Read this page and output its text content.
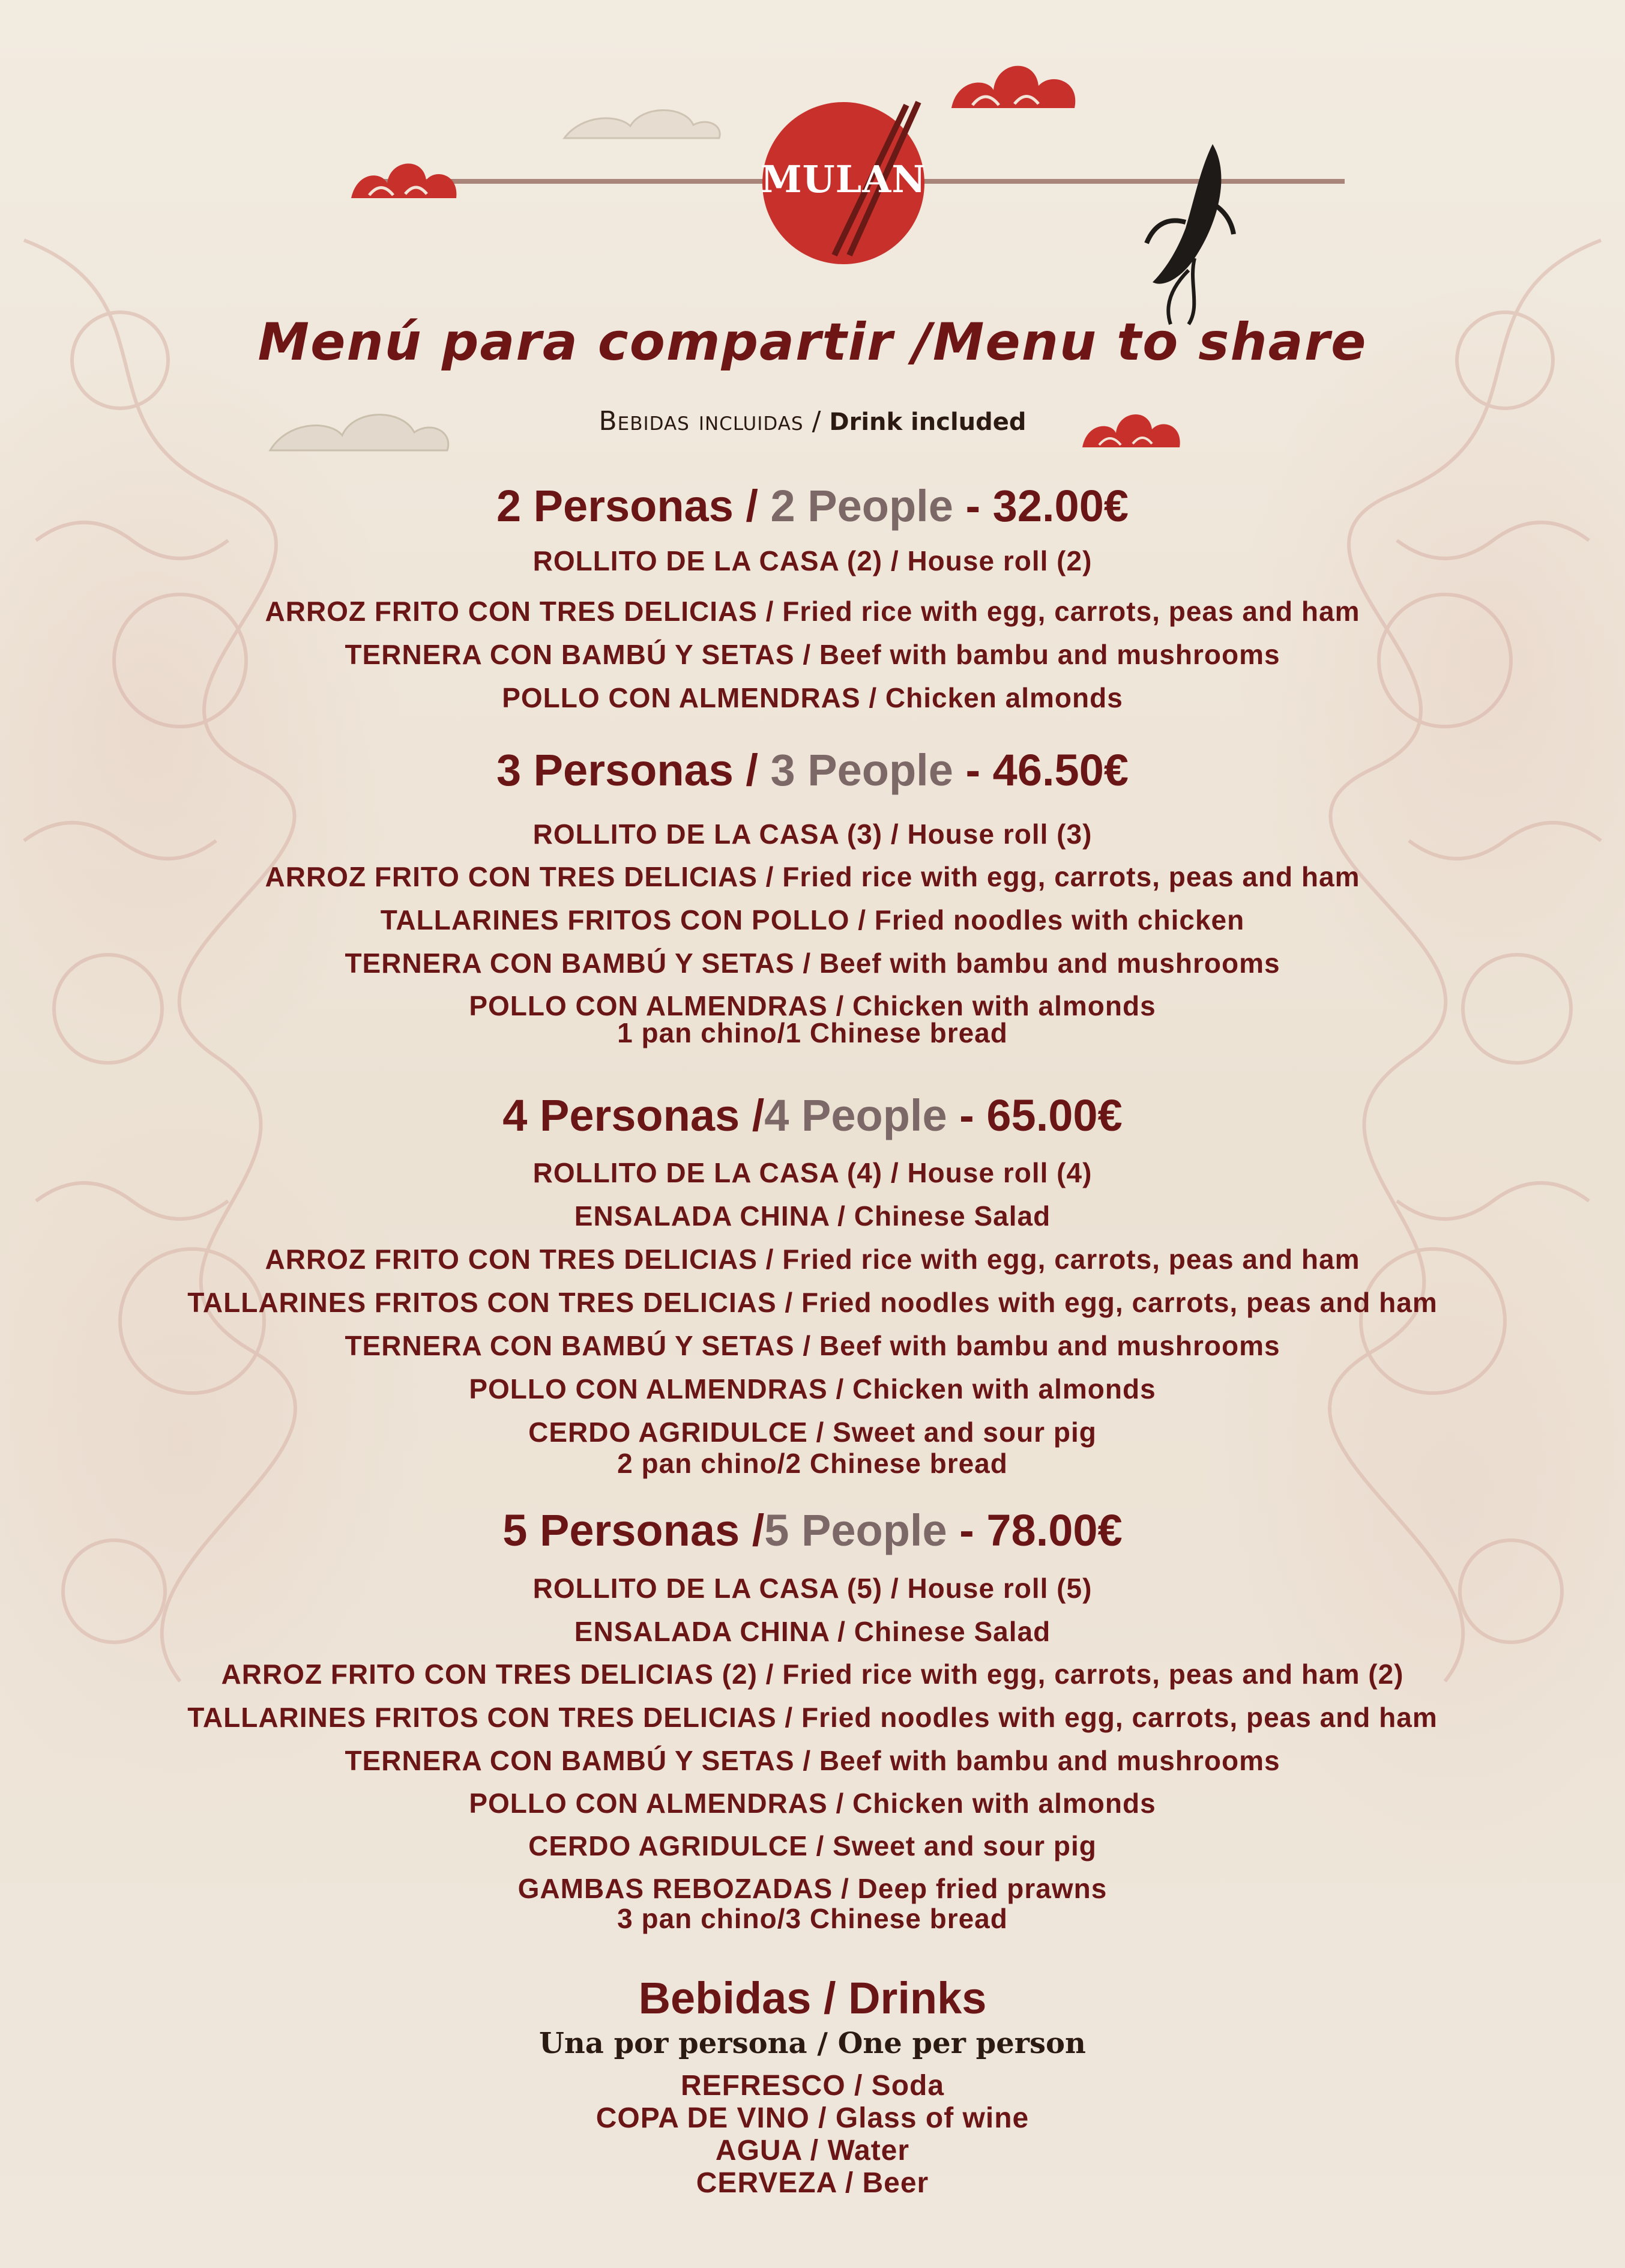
MULAN
Menú para compartir /Menu to share
Bebidas incluidas / Drink included
2 Personas / 2 People - 32.00€
ROLLITO DE LA CASA (2) / House roll (2)
ARROZ FRITO CON TRES DELICIAS / Fried rice with egg, carrots, peas and ham
TERNERA CON BAMBÚ Y SETAS / Beef with bambu and mushrooms
POLLO CON ALMENDRAS / Chicken almonds
3 Personas / 3 People - 46.50€
ROLLITO DE LA CASA (3) / House roll (3)
ARROZ FRITO CON TRES DELICIAS / Fried rice with egg, carrots, peas and ham
TALLARINES FRITOS CON POLLO / Fried noodles with chicken
TERNERA CON BAMBÚ Y SETAS / Beef with bambu and mushrooms
POLLO CON ALMENDRAS / Chicken with almonds
1 pan chino/1 Chinese bread
4 Personas /4 People - 65.00€
ROLLITO DE LA CASA (4) / House roll (4)
ENSALADA CHINA / Chinese Salad
ARROZ FRITO CON TRES DELICIAS / Fried rice with egg, carrots, peas and ham
TALLARINES FRITOS CON TRES DELICIAS / Fried noodles with egg, carrots, peas and ham
TERNERA CON BAMBÚ Y SETAS / Beef with bambu and mushrooms
POLLO CON ALMENDRAS / Chicken with almonds
CERDO AGRIDULCE / Sweet and sour pig
2 pan chino/2 Chinese bread
5 Personas /5 People - 78.00€
ROLLITO DE LA CASA (5) / House roll (5)
ENSALADA CHINA / Chinese Salad
ARROZ FRITO CON TRES DELICIAS (2) / Fried rice with egg, carrots, peas and ham (2)
TALLARINES FRITOS CON TRES DELICIAS / Fried noodles with egg, carrots, peas and ham
TERNERA CON BAMBÚ Y SETAS / Beef with bambu and mushrooms
POLLO CON ALMENDRAS / Chicken with almonds
CERDO AGRIDULCE / Sweet and sour pig
GAMBAS REBOZADAS / Deep fried prawns
3 pan chino/3 Chinese bread
Bebidas / Drinks
Una por persona / One per person
REFRESCO / Soda
COPA DE VINO / Glass of wine
AGUA / Water
CERVEZA / Beer
